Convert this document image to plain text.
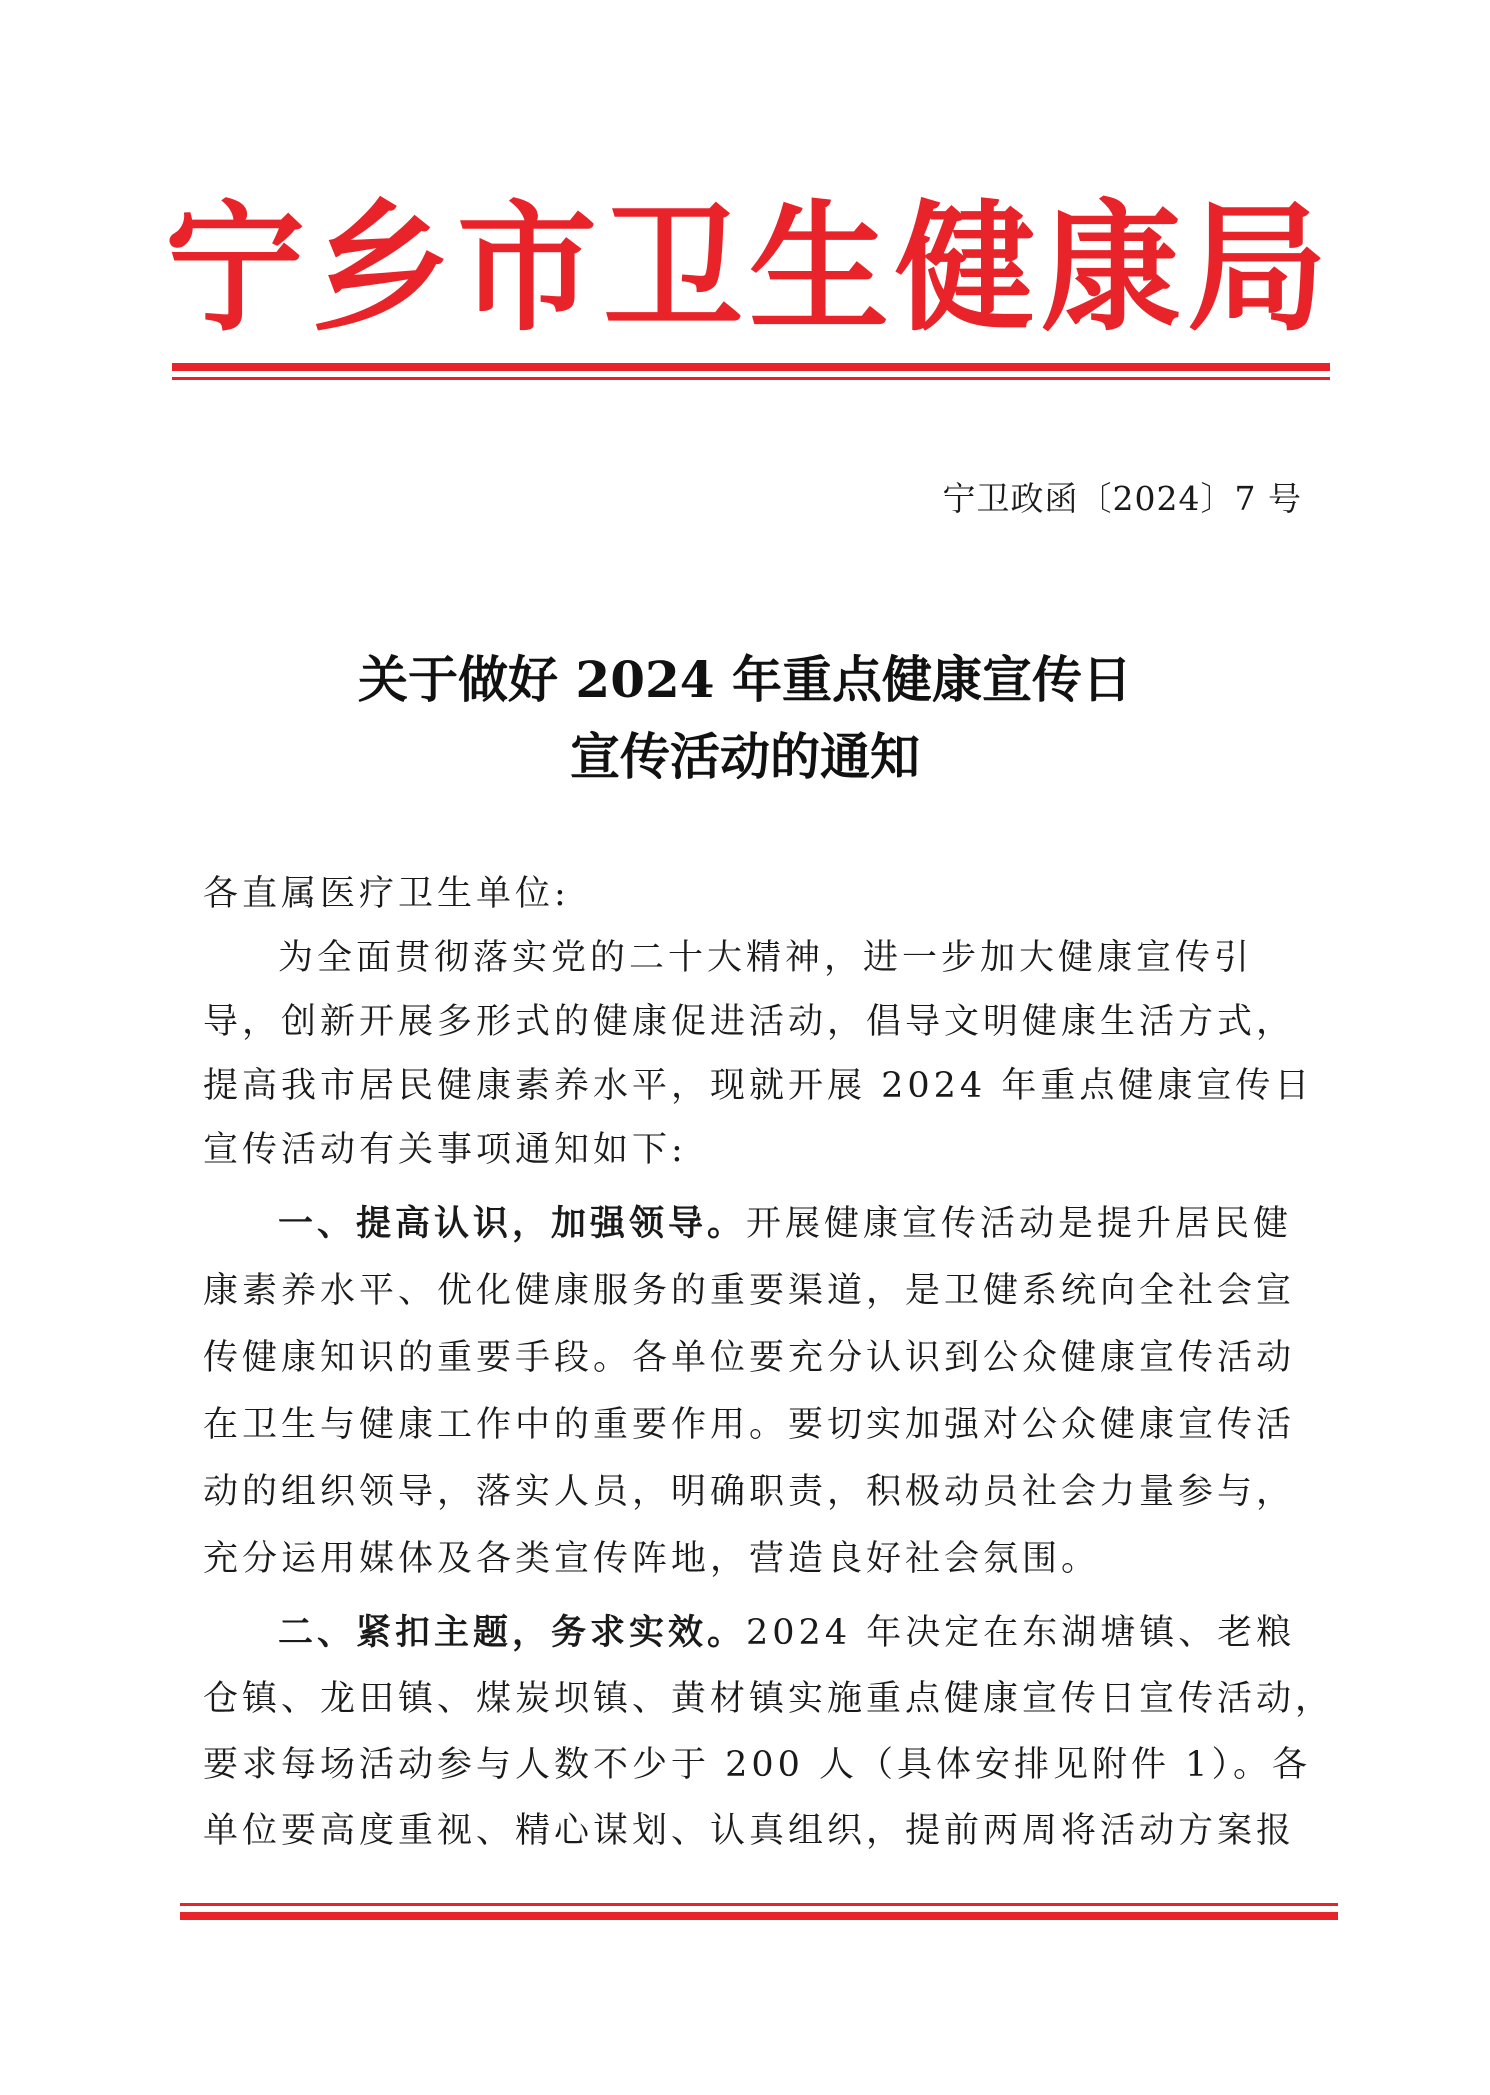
宁乡市卫生健康局
宁卫政函〔2024〕7 号
关于做好 2024 年重点健康宣传日
宣传活动的通知
各直属医疗卫生单位:
为全面贯彻落实党的二十大精神，进一步加大健康宣传引
导，创新开展多形式的健康促进活动，倡导文明健康生活方式，
提高我市居民健康素养水平，现就开展 2024 年重点健康宣传日
宣传活动有关事项通知如下:
一、提高认识，加强领导。开展健康宣传活动是提升居民健
康素养水平、优化健康服务的重要渠道，是卫健系统向全社会宣
传健康知识的重要手段。各单位要充分认识到公众健康宣传活动
在卫生与健康工作中的重要作用。要切实加强对公众健康宣传活
动的组织领导，落实人员，明确职责，积极动员社会力量参与，
充分运用媒体及各类宣传阵地，营造良好社会氛围。
二、紧扣主题，务求实效。2024 年决定在东湖塘镇、老粮
仓镇、龙田镇、煤炭坝镇、黄材镇实施重点健康宣传日宣传活动，
要求每场活动参与人数不少于 200 人（具体安排见附件 1）。各
单位要高度重视、精心谋划、认真组织，提前两周将活动方案报
